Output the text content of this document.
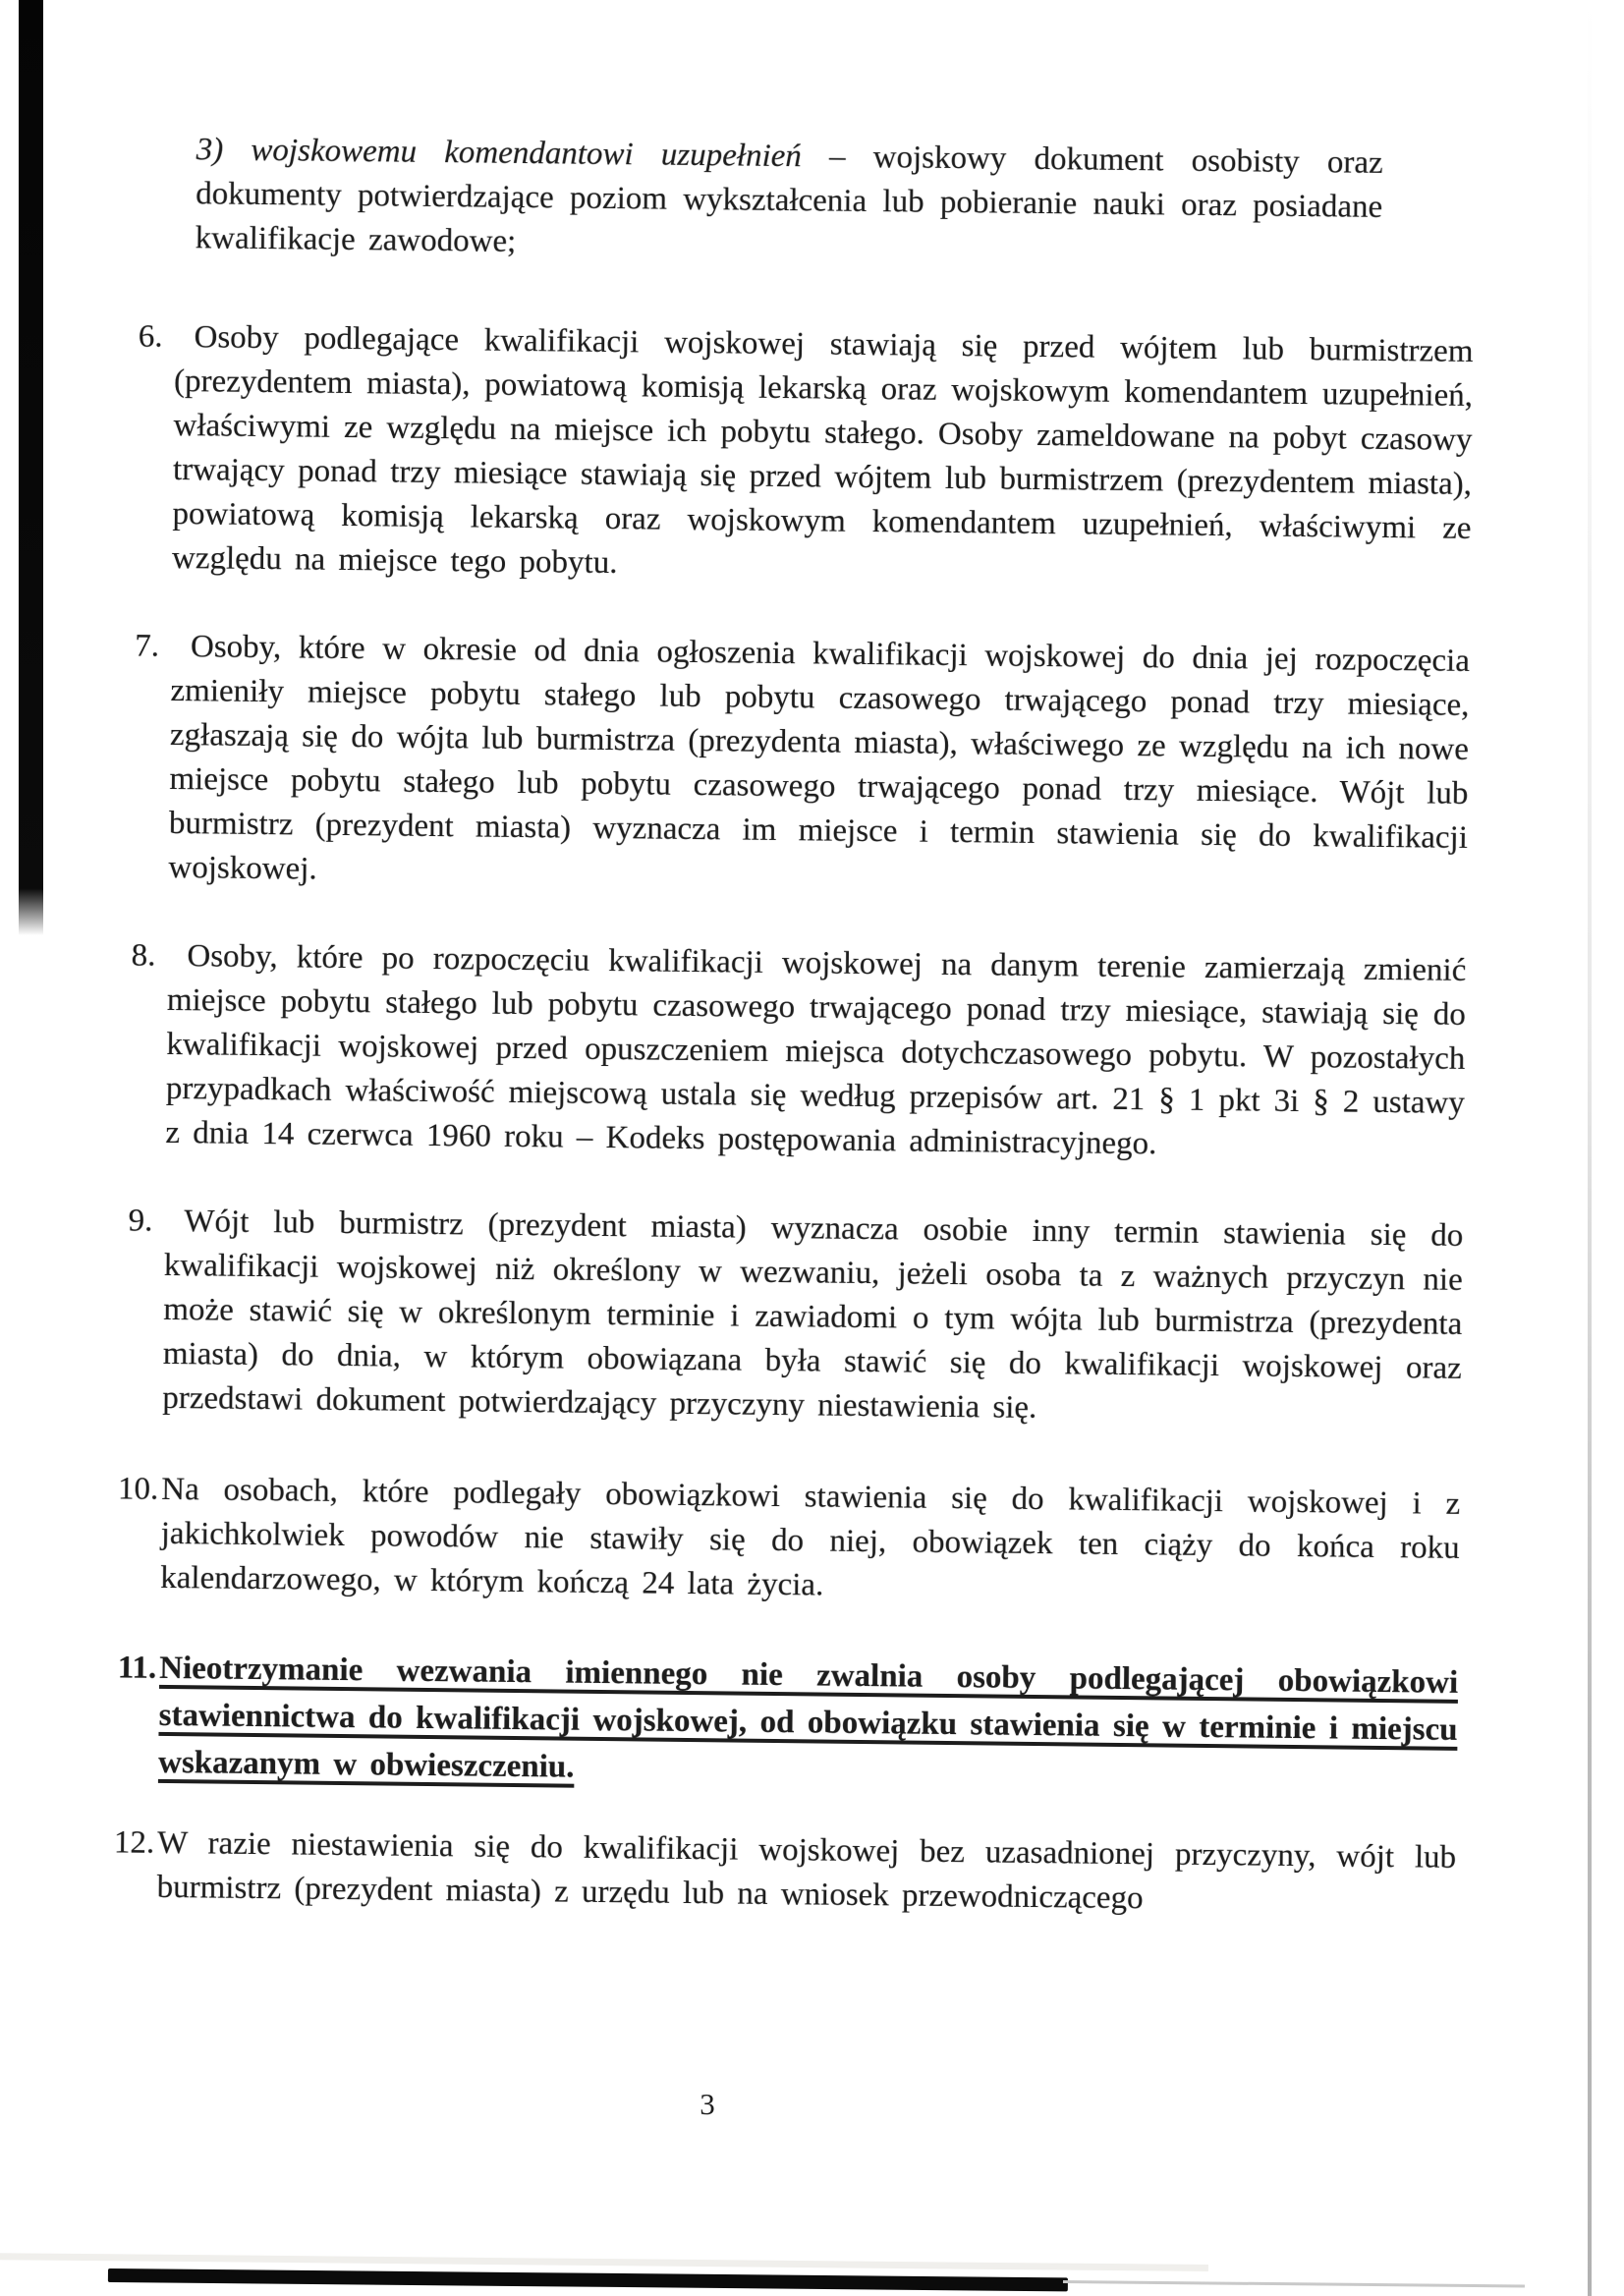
3) wojskowemu komendantowi uzupełnień – wojskowy dokument osobisty oraz dokumenty potwierdzające poziom wykształcenia lub pobieranie nauki oraz posiadane kwalifikacje zawodowe;
6. Osoby podlegające kwalifikacji wojskowej stawiają się przed wójtem lub burmistrzem (prezydentem miasta), powiatową komisją lekarską oraz wojskowym komendantem uzupełnień, właściwymi ze względu na miejsce ich pobytu stałego. Osoby zameldowane na pobyt czasowy trwający ponad trzy miesiące stawiają się przed wójtem lub burmistrzem (prezydentem miasta), powiatową komisją lekarską oraz wojskowym komendantem uzupełnień, właściwymi ze względu na miejsce tego pobytu.
7. Osoby, które w okresie od dnia ogłoszenia kwalifikacji wojskowej do dnia jej rozpoczęcia zmieniły miejsce pobytu stałego lub pobytu czasowego trwającego ponad trzy miesiące, zgłaszają się do wójta lub burmistrza (prezydenta miasta), właściwego ze względu na ich nowe miejsce pobytu stałego lub pobytu czasowego trwającego ponad trzy miesiące. Wójt lub burmistrz (prezydent miasta) wyznacza im miejsce i termin stawienia się do kwalifikacji wojskowej.
8. Osoby, które po rozpoczęciu kwalifikacji wojskowej na danym terenie zamierzają zmienić miejsce pobytu stałego lub pobytu czasowego trwającego ponad trzy miesiące, stawiają się do kwalifikacji wojskowej przed opuszczeniem miejsca dotychczasowego pobytu. W pozostałych przypadkach właściwość miejscową ustala się według przepisów art. 21 § 1 pkt 3i § 2 ustawy z dnia 14 czerwca 1960 roku – Kodeks postępowania administracyjnego.
9. Wójt lub burmistrz (prezydent miasta) wyznacza osobie inny termin stawienia się do kwalifikacji wojskowej niż określony w wezwaniu, jeżeli osoba ta z ważnych przyczyn nie może stawić się w określonym terminie i zawiadomi o tym wójta lub burmistrza (prezydenta miasta) do dnia, w którym obowiązana była stawić się do kwalifikacji wojskowej oraz przedstawi dokument potwierdzający przyczyny niestawienia się.
10. Na osobach, które podlegały obowiązkowi stawienia się do kwalifikacji wojskowej i z jakichkolwiek powodów nie stawiły się do niej, obowiązek ten ciąży do końca roku kalendarzowego, w którym kończą 24 lata życia.
11. Nieotrzymanie wezwania imiennego nie zwalnia osoby podlegającej obowiązkowi stawiennictwa do kwalifikacji wojskowej, od obowiązku stawienia się w terminie i miejscu wskazanym w obwieszczeniu.
12. W razie niestawienia się do kwalifikacji wojskowej bez uzasadnionej przyczyny, wójt lub burmistrz (prezydent miasta) z urzędu lub na wniosek przewodniczącego
3
